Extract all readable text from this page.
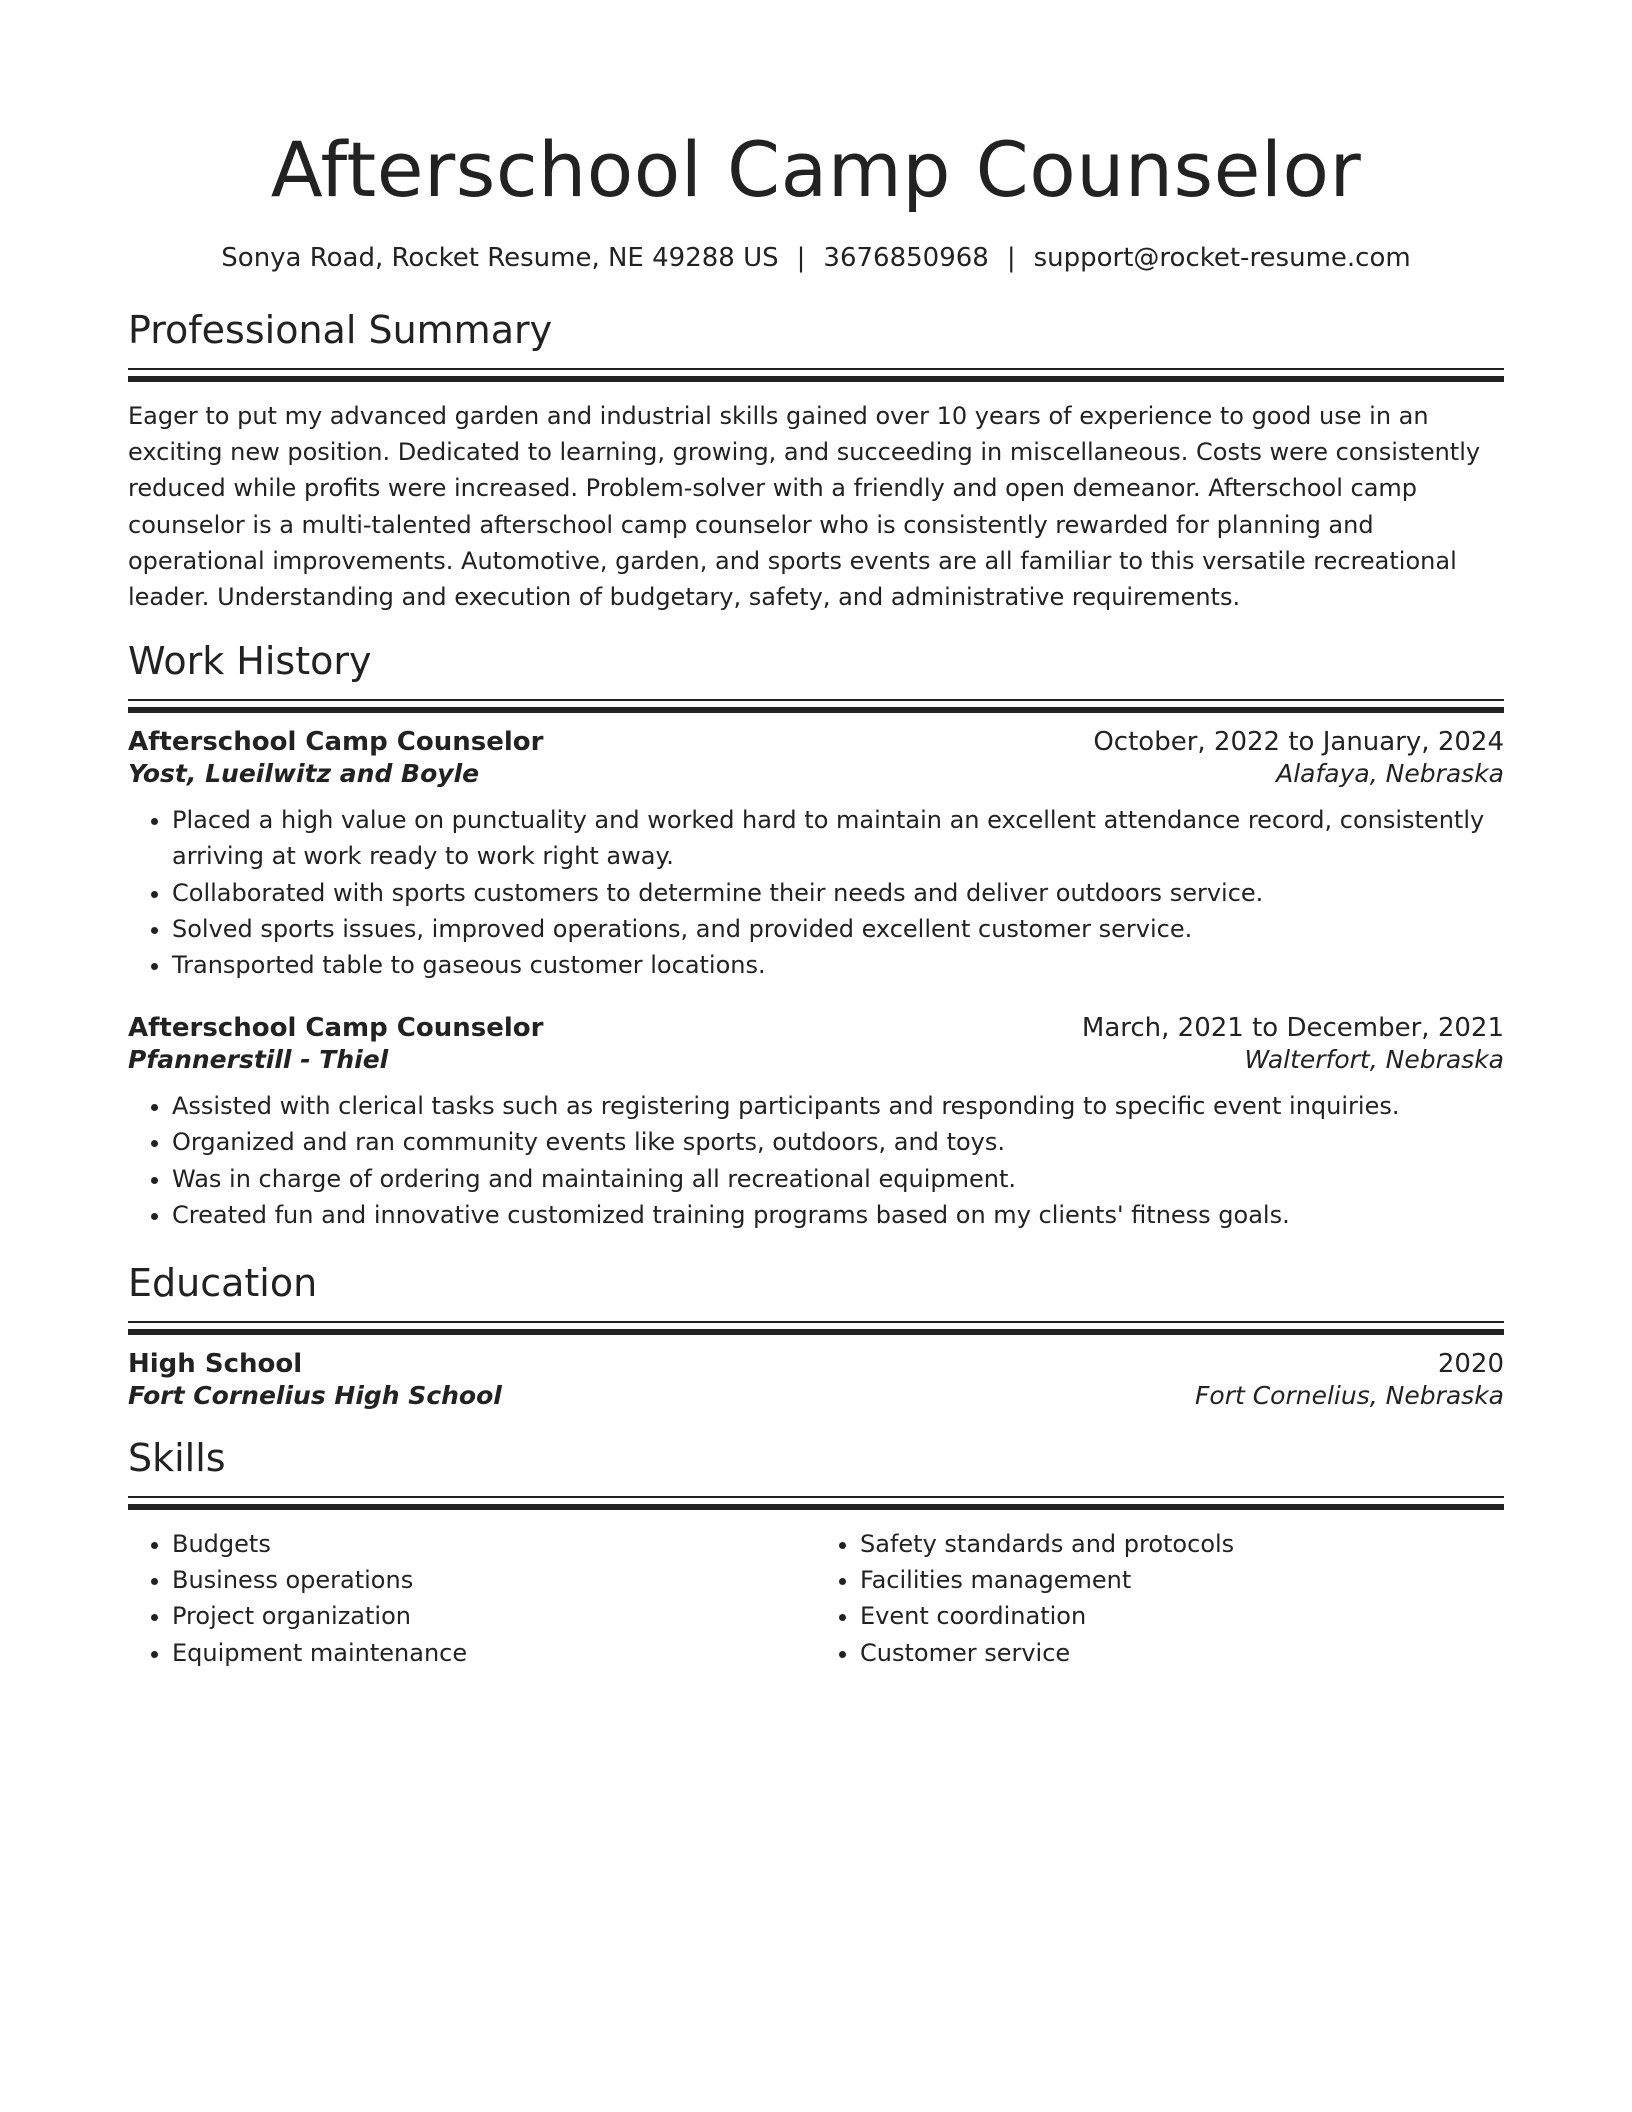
Afterschool Camp Counselor
Sonya Road, Rocket Resume, NE 49288 US | 3676850968 | support@rocket-resume.com
Professional Summary

Eager to put my advanced garden and industrial skills gained over 10 years of experience to good use in an exciting new position. Dedicated to learning, growing, and succeeding in miscellaneous. Costs were consistently reduced while profits were increased. Problem-solver with a friendly and open demeanor. Afterschool camp counselor is a multi-talented afterschool camp counselor who is consistently rewarded for planning and operational improvements. Automotive, garden, and sports events are all familiar to this versatile recreational leader. Understanding and execution of budgetary, safety, and administrative requirements.

Work History
Afterschool Camp Counselor	October, 2022 to January, 2024
Yost, Lueilwitz and Boyle	Alafaya, Nebraska
• Placed a high value on punctuality and worked hard to maintain an excellent attendance record, consistently arriving at work ready to work right away.
• Collaborated with sports customers to determine their needs and deliver outdoors service.
• Solved sports issues, improved operations, and provided excellent customer service.
• Transported table to gaseous customer locations.
Afterschool Camp Counselor	March, 2021 to December, 2021
Pfannerstill - Thiel	Walterfort, Nebraska
• Assisted with clerical tasks such as registering participants and responding to specific event inquiries.
• Organized and ran community events like sports, outdoors, and toys.
• Was in charge of ordering and maintaining all recreational equipment.
• Created fun and innovative customized training programs based on my clients' fitness goals.
Education
High School	2020
Fort Cornelius High School	Fort Cornelius, Nebraska
Skills
• Budgets
• Business operations
• Project organization
• Equipment maintenance
• Safety standards and protocols
• Facilities management
• Event coordination
• Customer service
